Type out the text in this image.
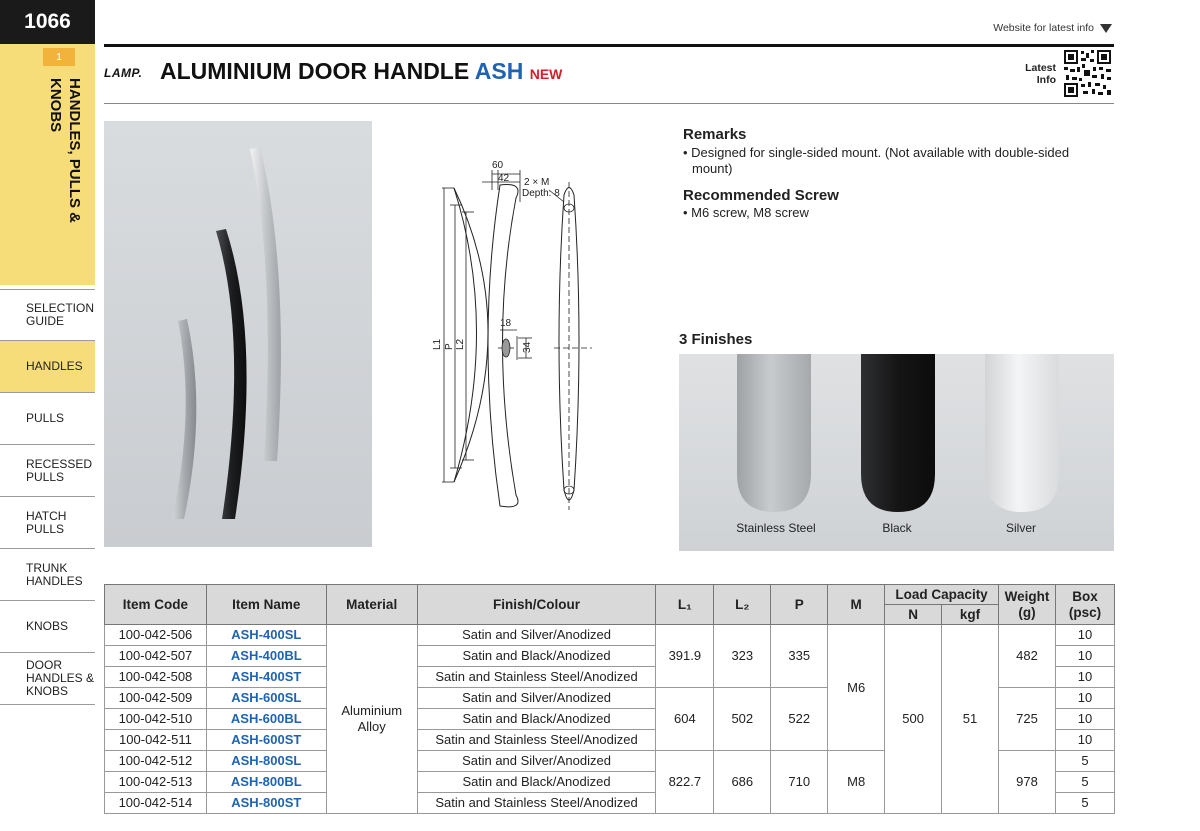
1066
1
HANDLES, PULLS & KNOBS
SELECTION
GUIDE
HANDLES
PULLS
RECESSED
PULLS
HATCH
PULLS
TRUNK
HANDLES
KNOBS
DOOR
HANDLES &
KNOBS
Website for latest info
LAMP. ALUMINIUM DOOR HANDLE ASH NEW	Latest
Info
60
42 2 × M
Depth: 8
18
34
L1 P L2
Remarks
• Designed for single-sided mount. (Not available with double-sided
mount)
Recommended Screw
• M6 screw, M8 screw
3 Finishes
Stainless Steel	Black	Silver
Item Code	Item Name	Material	Finish/Colour	L₁	L₂	P	M	Load Capacity		Weight
(g)	Box
(psc)
								N	kgf		
100-042-506	ASH-400SL	Aluminium
Alloy	Satin and Silver/Anodized	391.9	323	335	M6	500	51	482	10
100-042-507	ASH-400BL		Satin and Black/Anodized								10
100-042-508	ASH-400ST		Satin and Stainless Steel/Anodized								10
100-042-509	ASH-600SL		Satin and Silver/Anodized	604	502	522				725	10
100-042-510	ASH-600BL		Satin and Black/Anodized								10
100-042-511	ASH-600ST		Satin and Stainless Steel/Anodized								10
100-042-512	ASH-800SL		Satin and Silver/Anodized	822.7	686	710	M8			978	5
100-042-513	ASH-800BL		Satin and Black/Anodized								5
100-042-514	ASH-800ST		Satin and Stainless Steel/Anodized								5
